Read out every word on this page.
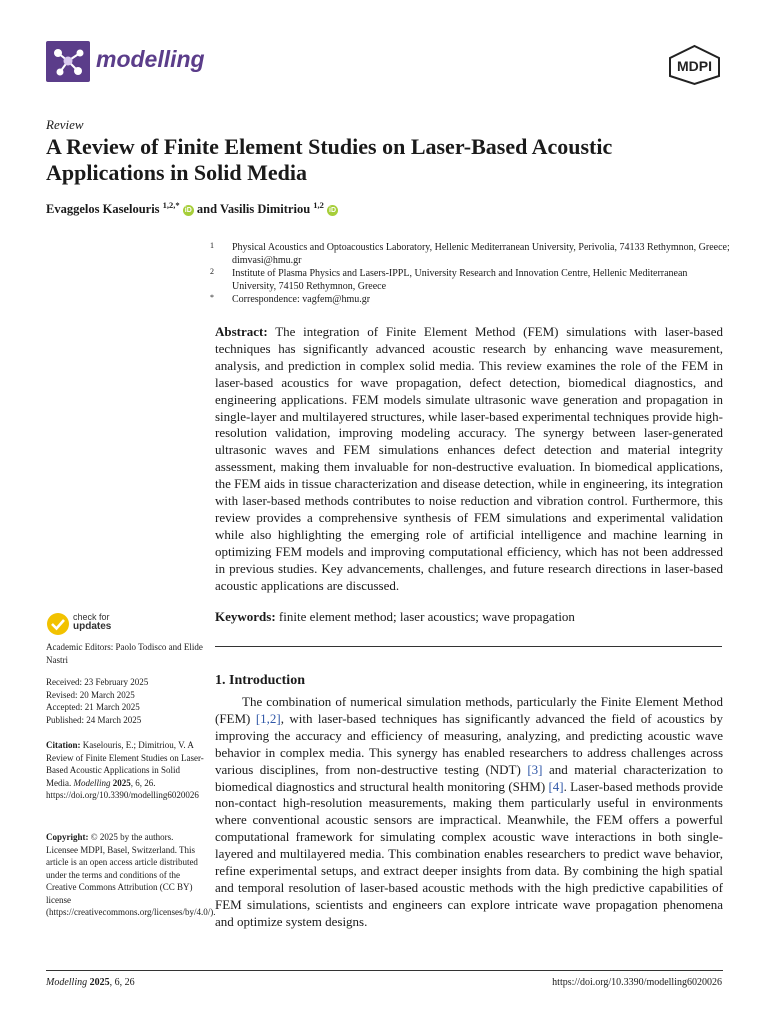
modelling	MDPI
Review
A Review of Finite Element Studies on Laser-Based Acoustic Applications in Solid Media
Evaggelos Kaselouris $^{1,2,*}$ iD and Vasilis Dimitriou $^{1,2}$ iD
1 Physical Acoustics and Optoacoustics Laboratory, Hellenic Mediterranean University, Perivolia, 74133 Rethymnon, Greece; dimvasi@hmu.gr
2 Institute of Plasma Physics and Lasers-IPPL, University Research and Innovation Centre, Hellenic Mediterranean University, 74150 Rethymnon, Greece
* Correspondence: vagfem@hmu.gr

Abstract: The integration of Finite Element Method (FEM) simulations with laser-based techniques has significantly advanced acoustic research by enhancing wave measurement, analysis, and prediction in complex solid media. This review examines the role of the FEM in laser-based acoustics for wave propagation, defect detection, biomedical diagnostics, and engineering applications. FEM models simulate ultrasonic wave generation and propagation in single-layer and multilayered structures, while laser-based experimental techniques provide high-resolution validation, improving modeling accuracy. The synergy between laser-generated ultrasonic waves and FEM simulations enhances defect detection and material integrity assessment, making them invaluable for non-destructive evaluation. In biomedical applications, the FEM aids in tissue characterization and disease detection, while in engineering, its integration with laser-based methods contributes to noise reduction and vibration control. Furthermore, this review provides a comprehensive synthesis of FEM simulations and experimental validation while also highlighting the emerging role of artificial intelligence and machine learning in optimizing FEM models and improving computational efficiency, which has not been addressed in previous studies. Key advancements, challenges, and future research directions in laser-based acoustic applications are discussed.

Keywords: finite element method; laser acoustics; wave propagation

check for
updates
Academic Editors: Paolo Todisco and Elide Nastri

Received: 23 February 2025

Revised: 20 March 2025

Accepted: 21 March 2025

Published: 24 March 2025

Citation: Kaselouris, E.; Dimitriou, V. A Review of Finite Element Studies on Laser-Based Acoustic Applications in Solid Media. Modelling 2025, 6, 26. https://doi.org/10.3390/modelling6020026

Copyright: © 2025 by the authors. Licensee MDPI, Basel, Switzerland. This article is an open access article distributed under the terms and conditions of the Creative Commons Attribution (CC BY) license (https://creativecommons.org/licenses/by/4.0/).

1. Introduction

The combination of numerical simulation methods, particularly the Finite Element Method (FEM) [1,2], with laser-based techniques has significantly advanced the field of acoustics by improving the accuracy and efficiency of measuring, analyzing, and predicting acoustic wave behavior in complex media. This synergy has enabled researchers to address challenges across various disciplines, from non-destructive testing (NDT) [3] and material characterization to biomedical diagnostics and structural health monitoring (SHM) [4]. Laser-based methods provide non-contact high-resolution measurements, making them particularly useful in environments where conventional acoustic sensors are impractical. Meanwhile, the FEM offers a powerful computational framework for simulating complex acoustic wave interactions in both single-layered and multilayered media. This combination enables researchers to predict wave behavior, refine experimental setups, and extract deeper insights from data. By combining the high spatial and temporal resolution of laser-based acoustic methods with the high predictive capabilities of FEM simulations, scientists and engineers can explore intricate wave propagation phenomena and optimize system designs.

Modelling 2025, 6, 26	https://doi.org/10.3390/modelling6020026
